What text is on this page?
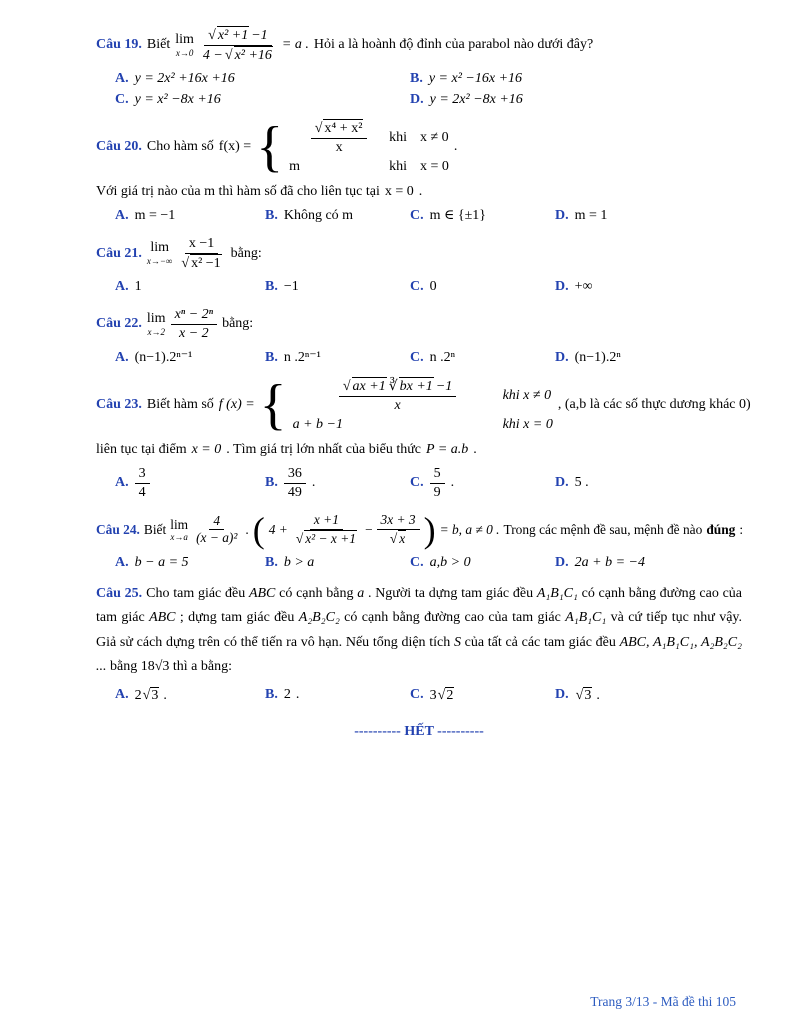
Câu 19. Biết lim
$x\to 0 \frac{\text{√ x² +1 −1}}{\text{4 − √ x² +16}} = a$ . Hỏi a là hoành độ đỉnh của parabol nào dưới đây?
A. y = 2x² +16x +16	B. y = x² −16x +16
C. y = x² −8x +16	D. y = 2x² −8x +16
Câu 20. Cho hàm số f(x) = { $\frac{\text{√ x⁴ + x²}}{x}$ khi x ≠ 0
m	khi x = 0
.
Với giá trị nào của m thì hàm số đã cho liên tục tại x = 0 .
A. m = −1	B. Không có m	C. m ∈ {±1}	D. m = 1
Câu 21. lim
$x\to-\infty \frac{x -1}{\text{√ x² −1}}$ bằng:
A. 1	B. −1	C. 0	D. +∞
Câu 22. lim
$x\to 2 \frac{\text{xⁿ − 2ⁿ}}{x - 2}$ bằng:
A. (n−1).2ⁿ⁻¹	B. n .2ⁿ⁻¹	C. n .2ⁿ	D. (n−1).2ⁿ
Câu 23. Biết hàm số f (x) = { $\frac{√ ax +1 ∛ bx +1 -1}{x}$ khi x ≠ 0
a + b −1	khi x = 0
, (a,b là các số thực dương khác 0)
liên tục tại điểm x = 0 . Tìm giá trị lớn nhất của biểu thức P = a.b .
A. $\frac{3}{4}$	B. $\frac{36}{49}$ .	C. $\frac{5}{9}$ .	D. 5 .
Câu 24. Biết lim
$x\to a \frac{4}{\text{(x − a)²}}$ . ( $4 + \frac{x +1}{\text{√ x² − x +1}} - \frac{3x + 3}{√ x}$ ) = b, a ≠ 0 . Trong các mệnh đề sau, mệnh đề nào đúng :
A. b − a = 5	B. b > a	C. a,b > 0	D. 2a + b = −4
Câu 25. Cho tam giác đều ABC có cạnh bằng a . Người ta dựng tam giác đều A₁B₁C₁ có cạnh bằng đường cao của tam giác ABC ; dựng tam giác đều A₂B₂C₂ có cạnh bằng đường cao của tam giác A₁B₁C₁ và cứ tiếp tục như vậy. Giả sử cách dựng trên có thể tiến ra vô hạn. Nếu tổng diện tích S của tất cả các tam giác đều ABC, A₁B₁C₁, A₂B₂C₂ ... bằng 18√3 thì a bằng:
A. 2 √ 3 .	B. 2 .	C. 3 √ 2	D. √ 3 .
---------- HẾT ----------
Trang 3/13 - Mã đề thi 105
